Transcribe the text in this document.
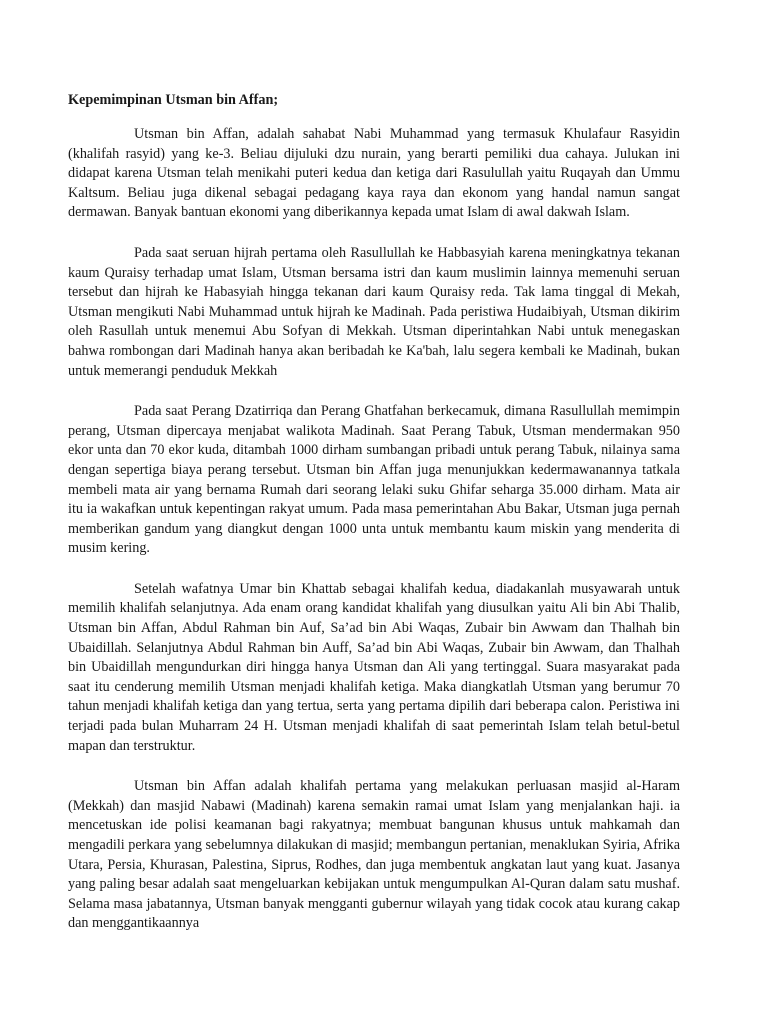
Kepemimpinan Utsman bin Affan;

Utsman bin Affan, adalah sahabat Nabi Muhammad yang termasuk Khulafaur Rasyidin (khalifah rasyid) yang ke-3. Beliau dijuluki dzu nurain, yang berarti pemiliki dua cahaya. Julukan ini didapat karena Utsman telah menikahi puteri kedua dan ketiga dari Rasulullah yaitu Ruqayah dan Ummu Kaltsum. Beliau juga dikenal sebagai pedagang kaya raya dan ekonom yang handal namun sangat dermawan. Banyak bantuan ekonomi yang diberikannya kepada umat Islam di awal dakwah Islam.

Pada saat seruan hijrah pertama oleh Rasullullah ke Habbasyiah karena meningkatnya tekanan kaum Quraisy terhadap umat Islam, Utsman bersama istri dan kaum muslimin lainnya memenuhi seruan tersebut dan hijrah ke Habasyiah hingga tekanan dari kaum Quraisy reda. Tak lama tinggal di Mekah, Utsman mengikuti Nabi Muhammad untuk hijrah ke Madinah. Pada peristiwa Hudaibiyah, Utsman dikirim oleh Rasullah untuk menemui Abu Sofyan di Mekkah. Utsman diperintahkan Nabi untuk menegaskan bahwa rombongan dari Madinah hanya akan beribadah ke Ka'bah, lalu segera kembali ke Madinah, bukan untuk memerangi penduduk Mekkah

Pada saat Perang Dzatirriqa dan Perang Ghatfahan berkecamuk, dimana Rasullullah memimpin perang, Utsman dipercaya menjabat walikota Madinah. Saat Perang Tabuk, Utsman mendermakan 950 ekor unta dan 70 ekor kuda, ditambah 1000 dirham sumbangan pribadi untuk perang Tabuk, nilainya sama dengan sepertiga biaya perang tersebut. Utsman bin Affan juga menunjukkan kedermawanannya tatkala membeli mata air yang bernama Rumah dari seorang lelaki suku Ghifar seharga 35.000 dirham. Mata air itu ia wakafkan untuk kepentingan rakyat umum. Pada masa pemerintahan Abu Bakar, Utsman juga pernah memberikan gandum yang diangkut dengan 1000 unta untuk membantu kaum miskin yang menderita di musim kering.

Setelah wafatnya Umar bin Khattab sebagai khalifah kedua, diadakanlah musyawarah untuk memilih khalifah selanjutnya. Ada enam orang kandidat khalifah yang diusulkan yaitu Ali bin Abi Thalib, Utsman bin Affan, Abdul Rahman bin Auf, Sa’ad bin Abi Waqas, Zubair bin Awwam dan Thalhah bin Ubaidillah. Selanjutnya Abdul Rahman bin Auff, Sa’ad bin Abi Waqas, Zubair bin Awwam, dan Thalhah bin Ubaidillah mengundurkan diri hingga hanya Utsman dan Ali yang tertinggal. Suara masyarakat pada saat itu cenderung memilih Utsman menjadi khalifah ketiga. Maka diangkatlah Utsman yang berumur 70 tahun menjadi khalifah ketiga dan yang tertua, serta yang pertama dipilih dari beberapa calon. Peristiwa ini terjadi pada bulan Muharram 24 H. Utsman menjadi khalifah di saat pemerintah Islam telah betul-betul mapan dan terstruktur.

Utsman bin Affan adalah khalifah pertama yang melakukan perluasan masjid al-Haram (Mekkah) dan masjid Nabawi (Madinah) karena semakin ramai umat Islam yang menjalankan haji. ia mencetuskan ide polisi keamanan bagi rakyatnya; membuat bangunan khusus untuk mahkamah dan mengadili perkara yang sebelumnya dilakukan di masjid; membangun pertanian, menaklukan Syiria, Afrika Utara, Persia, Khurasan, Palestina, Siprus, Rodhes, dan juga membentuk angkatan laut yang kuat. Jasanya yang paling besar adalah saat mengeluarkan kebijakan untuk mengumpulkan Al-Quran dalam satu mushaf. Selama masa jabatannya, Utsman banyak mengganti gubernur wilayah yang tidak cocok atau kurang cakap dan menggantikaannya
